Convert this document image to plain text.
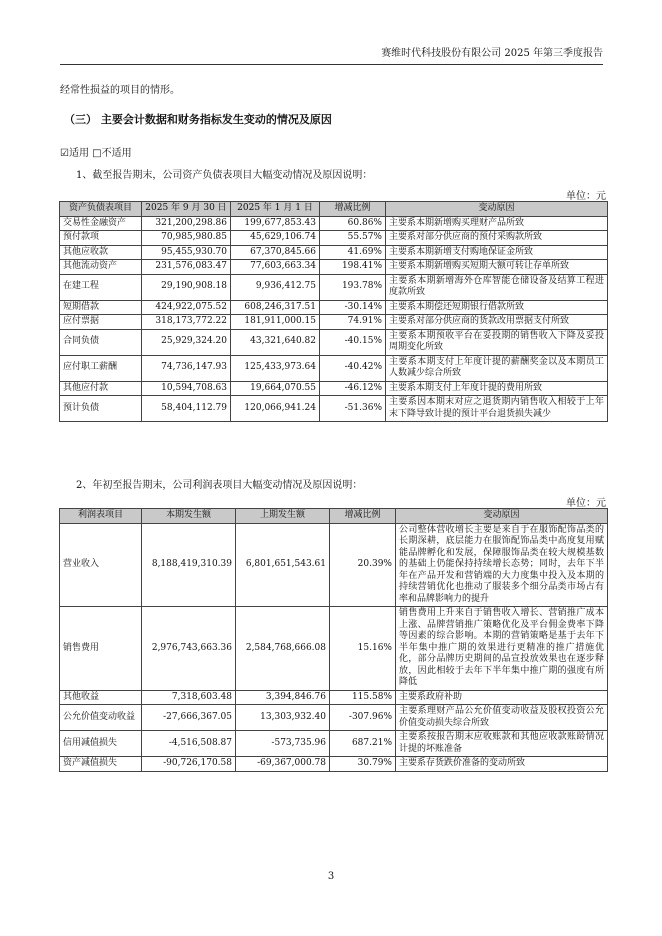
赛维时代科技股份有限公司 2025 年第三季度报告
经常性损益的项目的情形。
（三） 主要会计数据和财务指标发生变动的情况及原因
☑适用 □不适用
1、截至报告期末，公司资产负债表项目大幅变动情况及原因说明：
单位：元
资产负债表项目	2025 年 9 月 30 日	2025 年 1 月 1 日	增减比例	变动原因
交易性金融资产	321,200,298.86	199,677,853.43	60.86%	主要系本期新增购买理财产品所致
预付款项	70,985,980.85	45,629,106.74	55.57%	主要系对部分供应商的预付采购款所致
其他应收款	95,455,930.70	67,370,845.66	41.69%	主要系本期新增支付购地保证金所致
其他流动资产	231,576,083.47	77,603,663.34	198.41%	主要系本期新增购买短期大额可转让存单所致
在建工程	29,190,908.18	9,936,412.75	193.78%	主要系本期新增海外仓库智能仓储设备及结算工程进度款所致
短期借款	424,922,075.52	608,246,317.51	-30.14%	主要系本期偿还短期银行借款所致
应付票据	318,173,772.22	181,911,000.15	74.91%	主要系对部分供应商的货款改用票据支付所致
合同负债	25,929,324.20	43,321,640.82	-40.15%	主要系本期预收平台在妥投期的销售收入下降及妥投周期变化所致
应付职工薪酬	74,736,147.93	125,433,973.64	-40.42%	主要系本期支付上年度计提的薪酬奖金以及本期员工人数减少综合所致
其他应付款	10,594,708.63	19,664,070.55	-46.12%	主要系本期支付上年度计提的费用所致
预计负债	58,404,112.79	120,066,941.24	-51.36%	主要系因本期末对应之退货期内销售收入相较于上年末下降导致计提的预计平台退货损失减少
2、年初至报告期末，公司利润表项目大幅变动情况及原因说明：
单位：元
利润表项目	本期发生额	上期发生额	增减比例	变动原因
营业收入	8,188,419,310.39	6,801,651,543.61	20.39%	公司整体营收增长主要是来自于在服饰配饰品类的长期深耕，底层能力在服饰配饰品类中高度复用赋能品牌孵化和发展，保障服饰品类在较大规模基数的基础上仍能保持持续增长态势；同时，去年下半年在产品开发和营销端的大力度集中投入及本期的持续营销优化也推动了服装多个细分品类市场占有率和品牌影响力的提升
销售费用	2,976,743,663.36	2,584,768,666.08	15.16%	销售费用上升来自于销售收入增长、营销推广成本上涨、品牌营销推广策略优化及平台佣金费率下降等因素的综合影响。本期的营销策略是基于去年下半年集中推广期的效果进行更精准的推广措施优化，部分品牌历史期间的品宣投放效果也在逐步释放，因此相较于去年下半年集中推广期的强度有所降低
其他收益	7,318,603.48	3,394,846.76	115.58%	主要系政府补助
公允价值变动收益	-27,666,367.05	13,303,932.40	-307.96%	主要系理财产品公允价值变动收益及股权投资公允价值变动损失综合所致
信用减值损失	-4,516,508.87	-573,735.96	687.21%	主要系按报告期末应收账款和其他应收款账龄情况计提的坏账准备
资产减值损失	-90,726,170.58	-69,367,000.78	30.79%	主要系存货跌价准备的变动所致
3
